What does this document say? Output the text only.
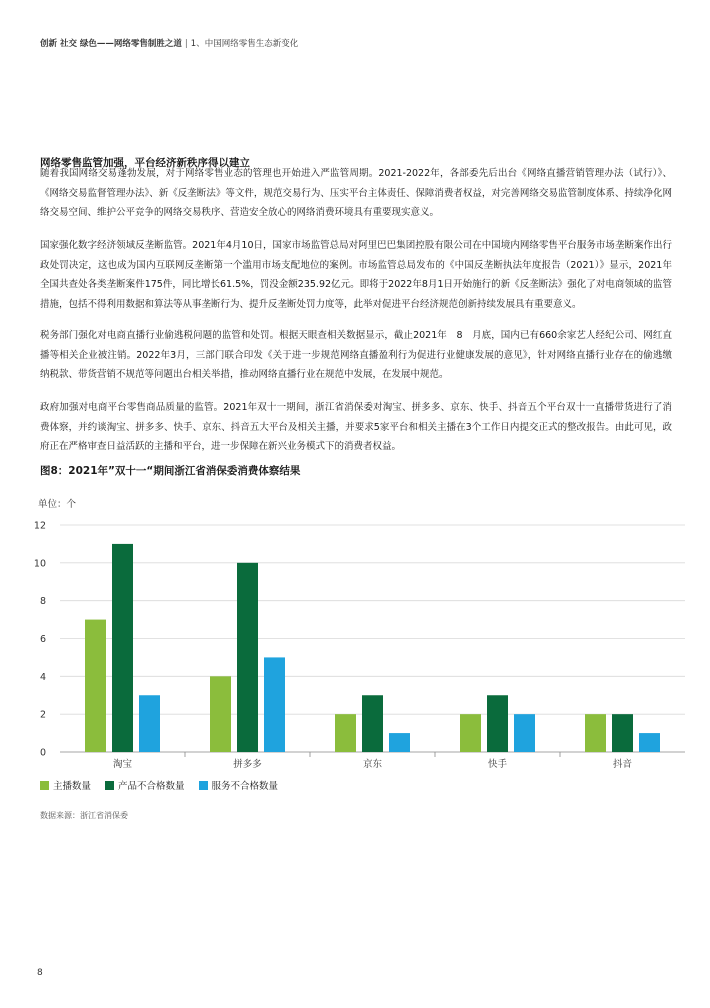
创新 社交 绿色——网络零售制胜之道 | 1、中国网络零售生态新变化
网络零售监管加强，平台经济新秩序得以建立

随着我国网络交易蓬勃发展，对于网络零售业态的管理也开始进入严监管周期。2021-2022年，各部委先后出台《网络直播营销管理办法（试行）》、《网络交易监督管理办法》、新《反垄断法》等文件，规范交易行为、压实平台主体责任、保障消费者权益，对完善网络交易监管制度体系、持续净化网络交易空间、维护公平竞争的网络交易秩序、营造安全放心的网络消费环境具有重要现实意义。

国家强化数字经济领域反垄断监管。2021年4月10日，国家市场监管总局对阿里巴巴集团控股有限公司在中国境内网络零售平台服务市场垄断案作出行政处罚决定，这也成为国内互联网反垄断第一个滥用市场支配地位的案例。市场监管总局发布的《中国反垄断执法年度报告（2021）》显示，2021年全国共查处各类垄断案件175件，同比增长61.5%，罚没金额235.92亿元。即将于2022年8月1日开始施行的新《反垄断法》强化了对电商领域的监管措施，包括不得利用数据和算法等从事垄断行为、提升反垄断处罚力度等，此举对促进平台经济规范创新持续发展具有重要意义。

税务部门强化对电商直播行业偷逃税问题的监管和处罚。根据天眼查相关数据显示，截止2021年　8　月底，国内已有660余家艺人经纪公司、网红直播等相关企业被注销。2022年3月，三部门联合印发《关于进一步规范网络直播盈利行为促进行业健康发展的意见》，针对网络直播行业存在的偷逃缴纳税款、带货营销不规范等问题出台相关举措，推动网络直播行业在规范中发展，在发展中规范。

政府加强对电商平台零售商品质量的监管。2021年双十一期间，浙江省消保委对淘宝、拼多多、京东、快手、抖音五个平台双十一直播带货进行了消费体察，并约谈淘宝、拼多多、快手、京东、抖音五大平台及相关主播，并要求5家平台和相关主播在3个工作日内提交正式的整改报告。由此可见，政府正在严格审查日益活跃的主播和平台，进一步保障在新兴业务模式下的消费者权益。

图8：2021年”双十一“期间浙江省消保委消费体察结果
单位：个
0
2
4
6
8
10
12
淘宝	拼多多	京东	快手	抖音
主播数量	产品不合格数量	服务不合格数量
数据来源：浙江省消保委
8
